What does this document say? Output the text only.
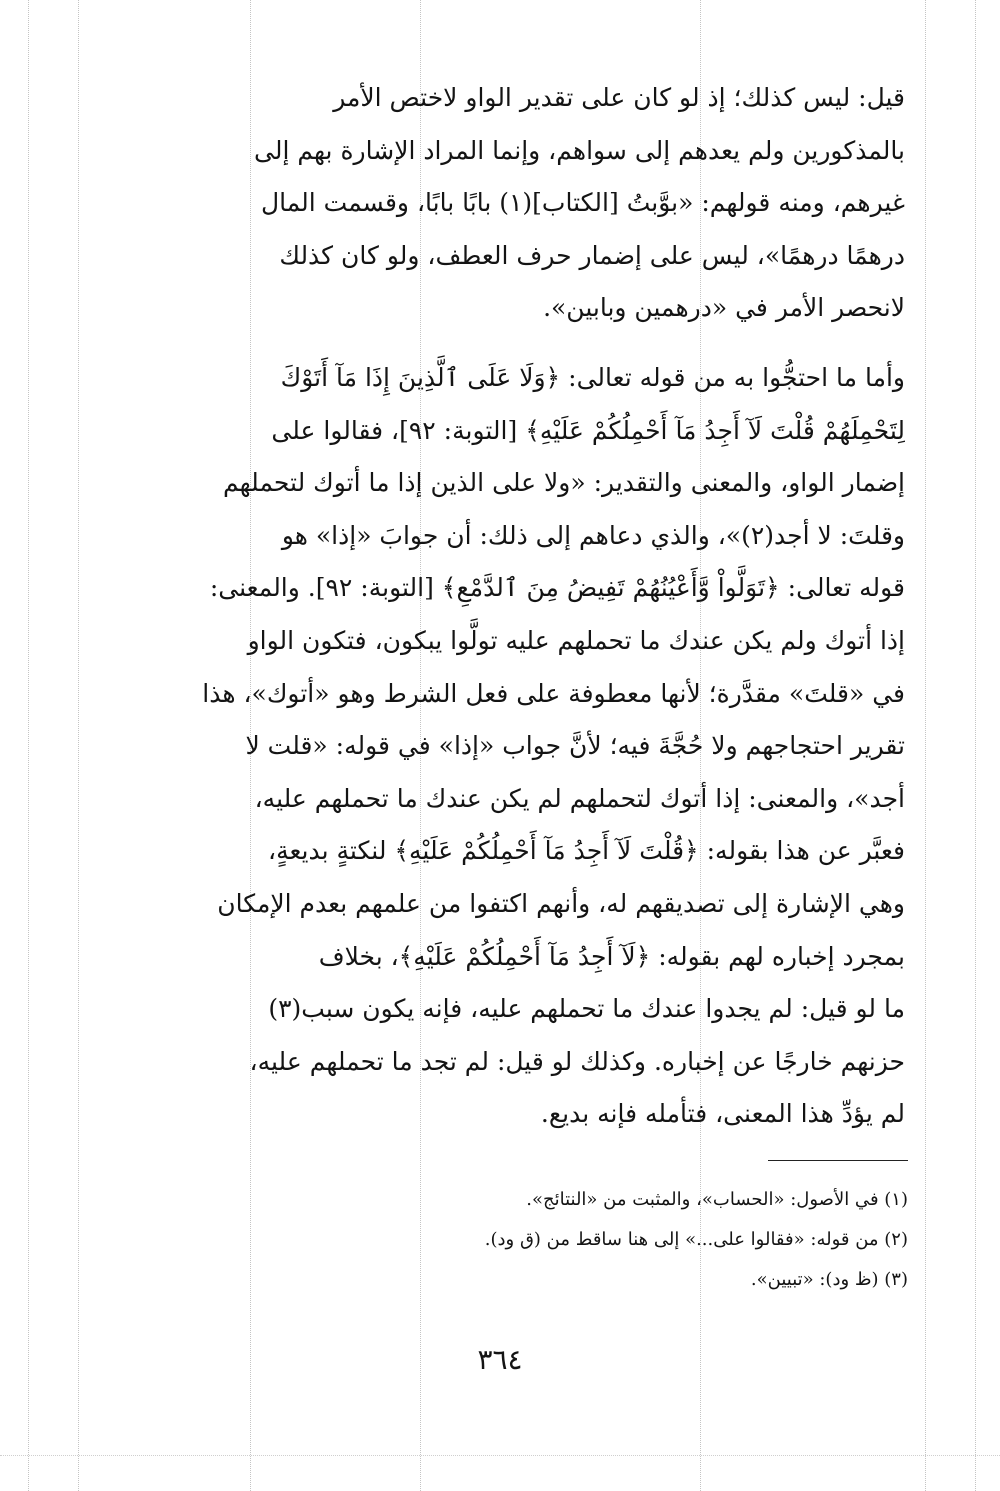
قيل: ليس كذلك؛ إذ لو كان على تقدير الواو لاختص الأمر
بالمذكورين ولم يعدهم إلى سواهم، وإنما المراد الإشارة بهم إلى
غيرهم، ومنه قولهم: «بوَّبتُ [الكتاب](١) بابًا بابًا، وقسمت المال
درهمًا درهمًا»، ليس على إضمار حرف العطف، ولو كان كذلك
لانحصر الأمر في «درهمين وبابين».
وأما ما احتجُّوا به من قوله تعالى: ﴿وَلَا عَلَى ٱلَّذِينَ إِذَا مَآ أَتَوْكَ
لِتَحْمِلَهُمْ قُلْتَ لَآ أَجِدُ مَآ أَحْمِلُكُمْ عَلَيْهِ﴾ [التوبة: ٩٢]، فقالوا على
إضمار الواو، والمعنى والتقدير: «ولا على الذين إذا ما أتوك لتحملهم
وقلتَ: لا أجد(٢)»، والذي دعاهم إلى ذلك: أن جوابَ «إذا» هو
قوله تعالى: ﴿تَوَلَّواْ وَّأَعْيُنُهُمْ تَفِيضُ مِنَ ٱلدَّمْعِ﴾ [التوبة: ٩٢]. والمعنى:
إذا أتوك ولم يكن عندك ما تحملهم عليه تولَّوا يبكون، فتكون الواو
في «قلتَ» مقدَّرة؛ لأنها معطوفة على فعل الشرط وهو «أتوك»، هذا
تقرير احتجاجهم ولا حُجَّةَ فيه؛ لأنَّ جواب «إذا» في قوله: «قلت لا
أجد»، والمعنى: إذا أتوك لتحملهم لم يكن عندك ما تحملهم عليه،
فعبَّر عن هذا بقوله: ﴿قُلْتَ لَآ أَجِدُ مَآ أَحْمِلُكُمْ عَلَيْهِ﴾ لنكتةٍ بديعةٍ،
وهي الإشارة إلى تصديقهم له، وأنهم اكتفوا من علمهم بعدم الإمكان
بمجرد إخباره لهم بقوله: ﴿لَآ أَجِدُ مَآ أَحْمِلُكُمْ عَلَيْهِ﴾، بخلاف
ما لو قيل: لم يجدوا عندك ما تحملهم عليه، فإنه يكون سبب(٣)
حزنهم خارجًا عن إخباره. وكذلك لو قيل: لم تجد ما تحملهم عليه،
لم يؤدِّ هذا المعنى، فتأمله فإنه بديع.

(١) في الأصول: «الحساب»، والمثبت من «النتائج».

(٢) من قوله: «فقالوا على...» إلى هنا ساقط من (ق ود).

(٣) (ظ ود): «تبيين».

٣٦٤
